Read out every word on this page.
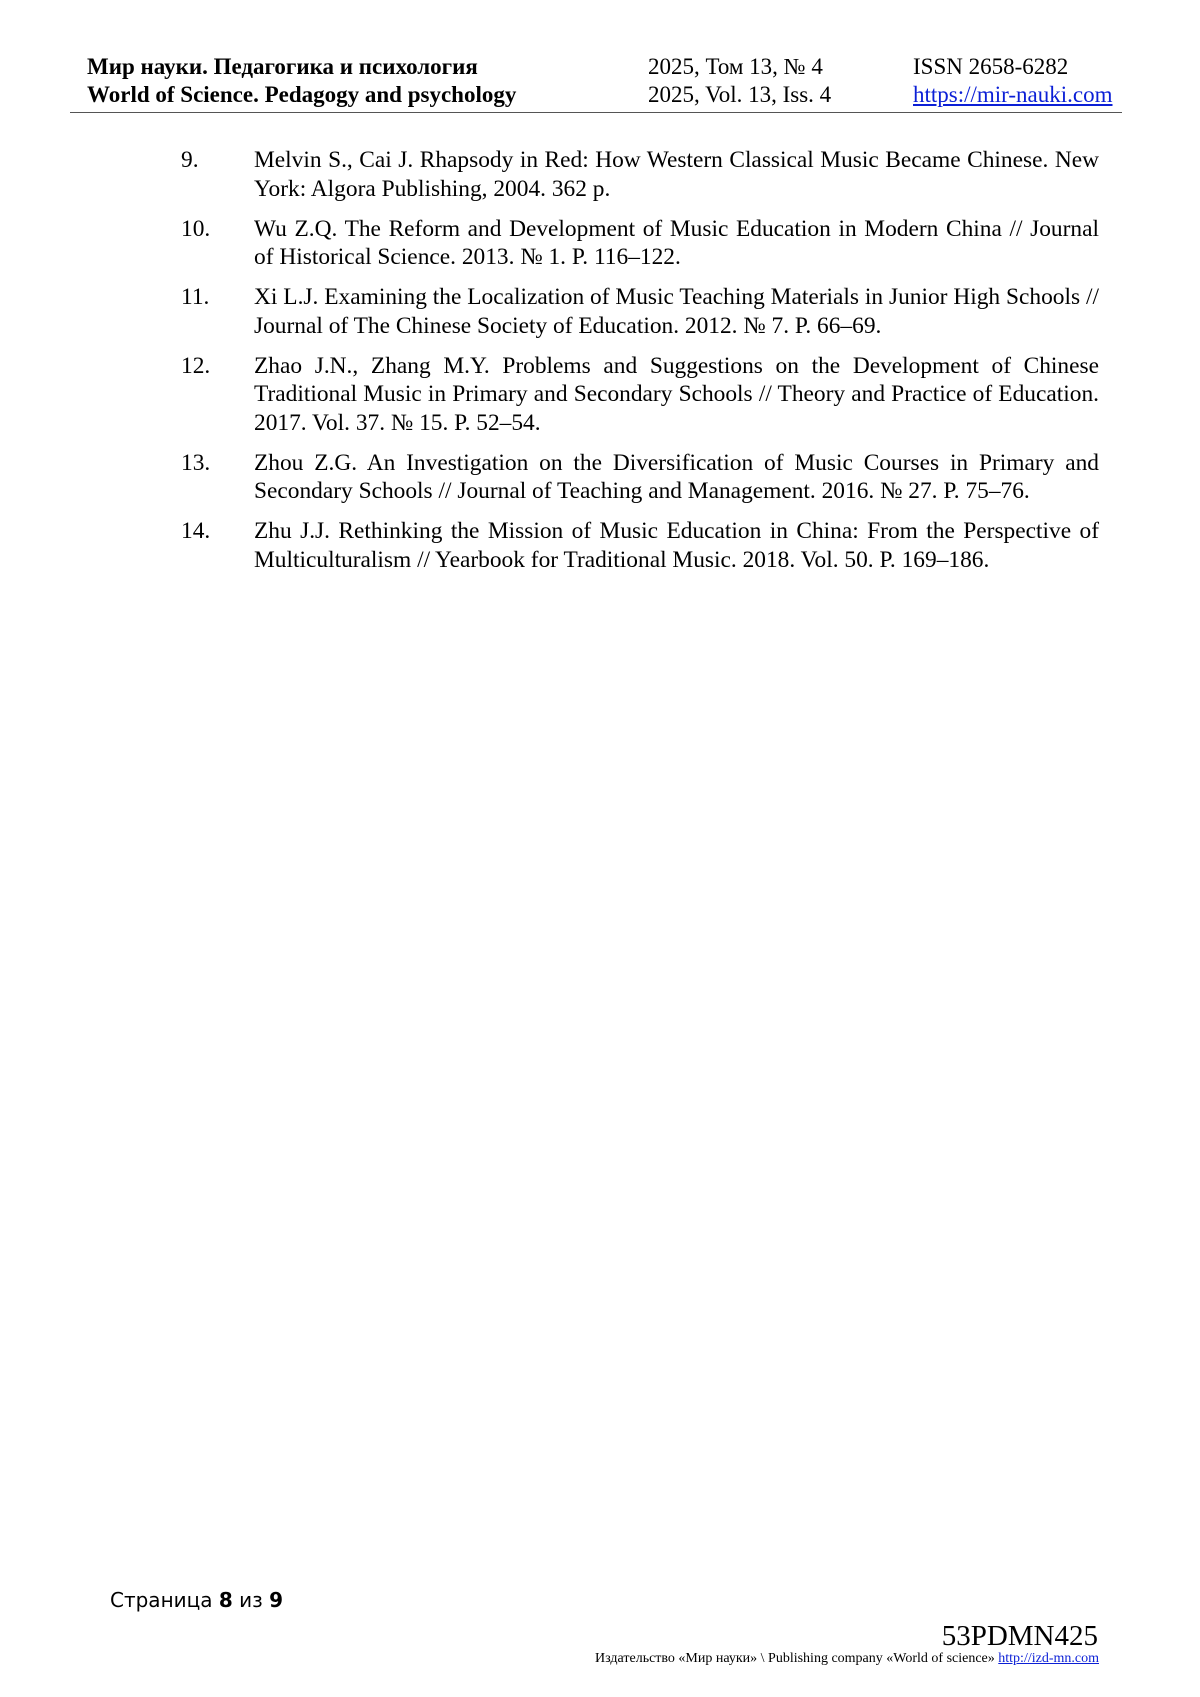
Мир науки. Педагогика и психология
World of Science. Pedagogy and psychology
2025, Том 13, № 4
2025, Vol. 13, Iss. 4
ISSN 2658-6282
https://mir-nauki.com
9. Melvin S., Cai J. Rhapsody in Red: How Western Classical Music Became Chinese. New York: Algora Publishing, 2004. 362 p.
10. Wu Z.Q. The Reform and Development of Music Education in Modern China // Journal of Historical Science. 2013. № 1. P. 116–122.
11. Xi L.J. Examining the Localization of Music Teaching Materials in Junior High Schools // Journal of The Chinese Society of Education. 2012. № 7. P. 66–69.
12. Zhao J.N., Zhang M.Y. Problems and Suggestions on the Development of Chinese Traditional Music in Primary and Secondary Schools // Theory and Practice of Education. 2017. Vol. 37. № 15. P. 52–54.
13. Zhou Z.G. An Investigation on the Diversification of Music Courses in Primary and Secondary Schools // Journal of Teaching and Management. 2016. № 27. P. 75–76.
14. Zhu J.J. Rethinking the Mission of Music Education in China: From the Perspective of Multiculturalism // Yearbook for Traditional Music. 2018. Vol. 50. P. 169–186.
Страница 8 из 9
53PDMN425
Издательство «Мир науки» \ Publishing company «World of science» http://izd-mn.com
